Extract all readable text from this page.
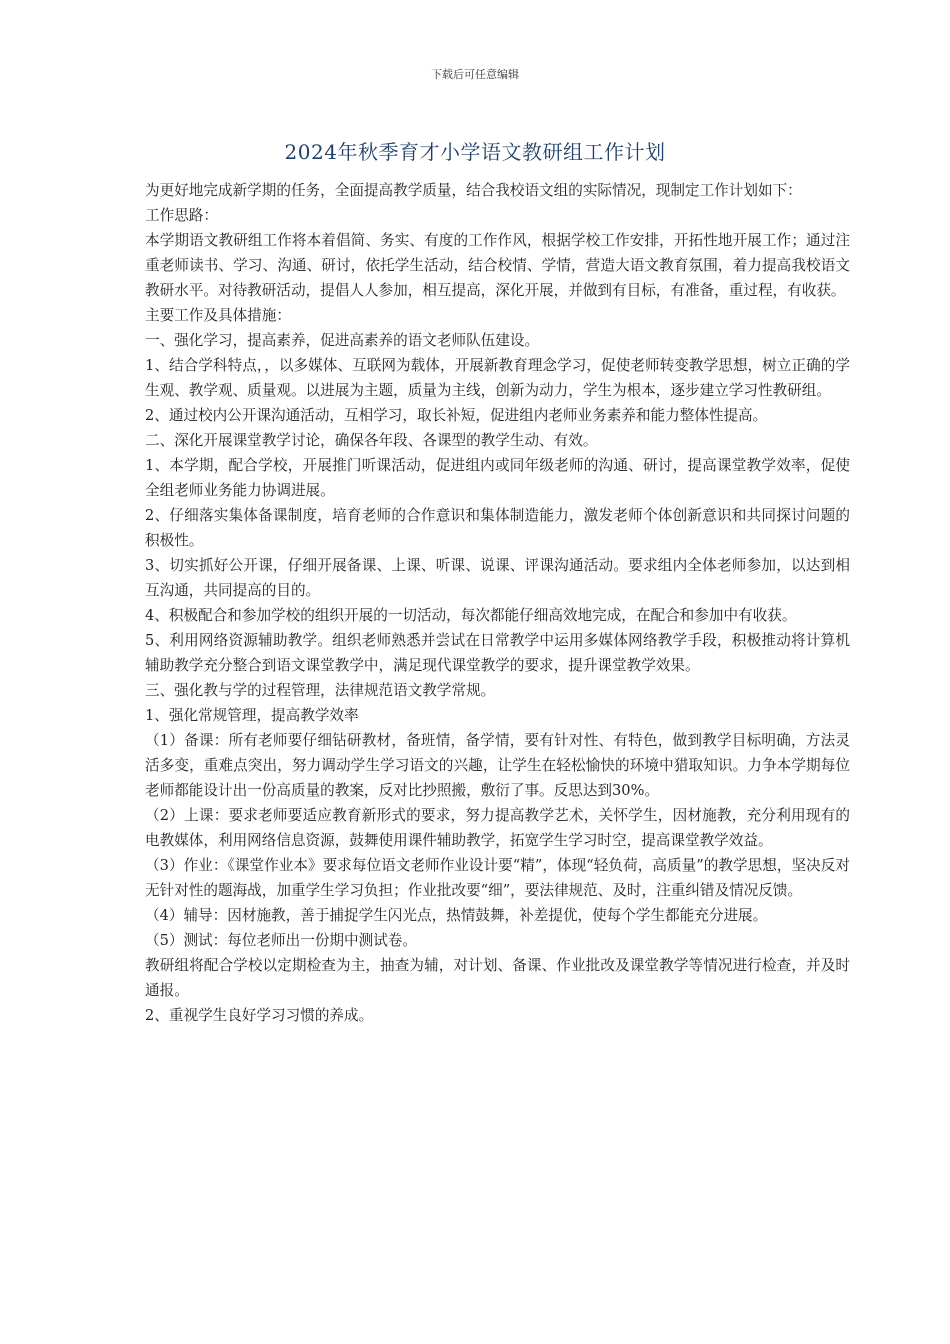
下载后可任意编辑
2024年秋季育才小学语文教研组工作计划

为更好地完成新学期的任务，全面提高教学质量，结合我校语文组的实际情况，现制定工作计划如下：

工作思路：

本学期语文教研组工作将本着倡简、务实、有度的工作作风，根据学校工作安排，开拓性地开展工作；通过注重老师读书、学习、沟通、研讨，依托学生活动，结合校情、学情，营造大语文教育氛围，着力提高我校语文教研水平。对待教研活动，提倡人人参加，相互提高，深化开展，并做到有目标，有准备，重过程，有收获。

主要工作及具体措施：

一、强化学习，提高素养，促进高素养的语文老师队伍建设。

1、结合学科特点，，以多媒体、互联网为载体，开展新教育理念学习，促使老师转变教学思想，树立正确的学生观、教学观、质量观。以进展为主题，质量为主线，创新为动力，学生为根本，逐步建立学习性教研组。

2、通过校内公开课沟通活动，互相学习，取长补短，促进组内老师业务素养和能力整体性提高。

二、深化开展课堂教学讨论，确保各年段、各课型的教学生动、有效。

1、本学期，配合学校，开展推门听课活动，促进组内或同年级老师的沟通、研讨，提高课堂教学效率，促使全组老师业务能力协调进展。

2、仔细落实集体备课制度，培育老师的合作意识和集体制造能力，激发老师个体创新意识和共同探讨问题的积极性。

3、切实抓好公开课，仔细开展备课、上课、听课、说课、评课沟通活动。要求组内全体老师参加，以达到相互沟通，共同提高的目的。

4、积极配合和参加学校的组织开展的一切活动，每次都能仔细高效地完成，在配合和参加中有收获。

5、利用网络资源辅助教学。组织老师熟悉并尝试在日常教学中运用多媒体网络教学手段，积极推动将计算机辅助教学充分整合到语文课堂教学中，满足现代课堂教学的要求，提升课堂教学效果。

三、强化教与学的过程管理，法律规范语文教学常规。

1、强化常规管理，提高教学效率

（1）备课：所有老师要仔细钻研教材，备班情，备学情，要有针对性、有特色，做到教学目标明确，方法灵活多变，重难点突出，努力调动学生学习语文的兴趣，让学生在轻松愉快的环境中猎取知识。力争本学期每位老师都能设计出一份高质量的教案，反对比抄照搬，敷衍了事。反思达到30%。

（2）上课：要求老师要适应教育新形式的要求，努力提高教学艺术，关怀学生，因材施教，充分利用现有的电教媒体，利用网络信息资源，鼓舞使用课件辅助教学，拓宽学生学习时空，提高课堂教学效益。

（3）作业：《课堂作业本》要求每位语文老师作业设计要“精”，体现“轻负荷，高质量”的教学思想，坚决反对无针对性的题海战，加重学生学习负担；作业批改要“细”，要法律规范、及时，注重纠错及情况反馈。

（4）辅导：因材施教，善于捕捉学生闪光点，热情鼓舞，补差提优，使每个学生都能充分进展。

（5）测试：每位老师出一份期中测试卷。

教研组将配合学校以定期检查为主，抽查为辅，对计划、备课、作业批改及课堂教学等情况进行检查，并及时通报。

2、重视学生良好学习习惯的养成。
